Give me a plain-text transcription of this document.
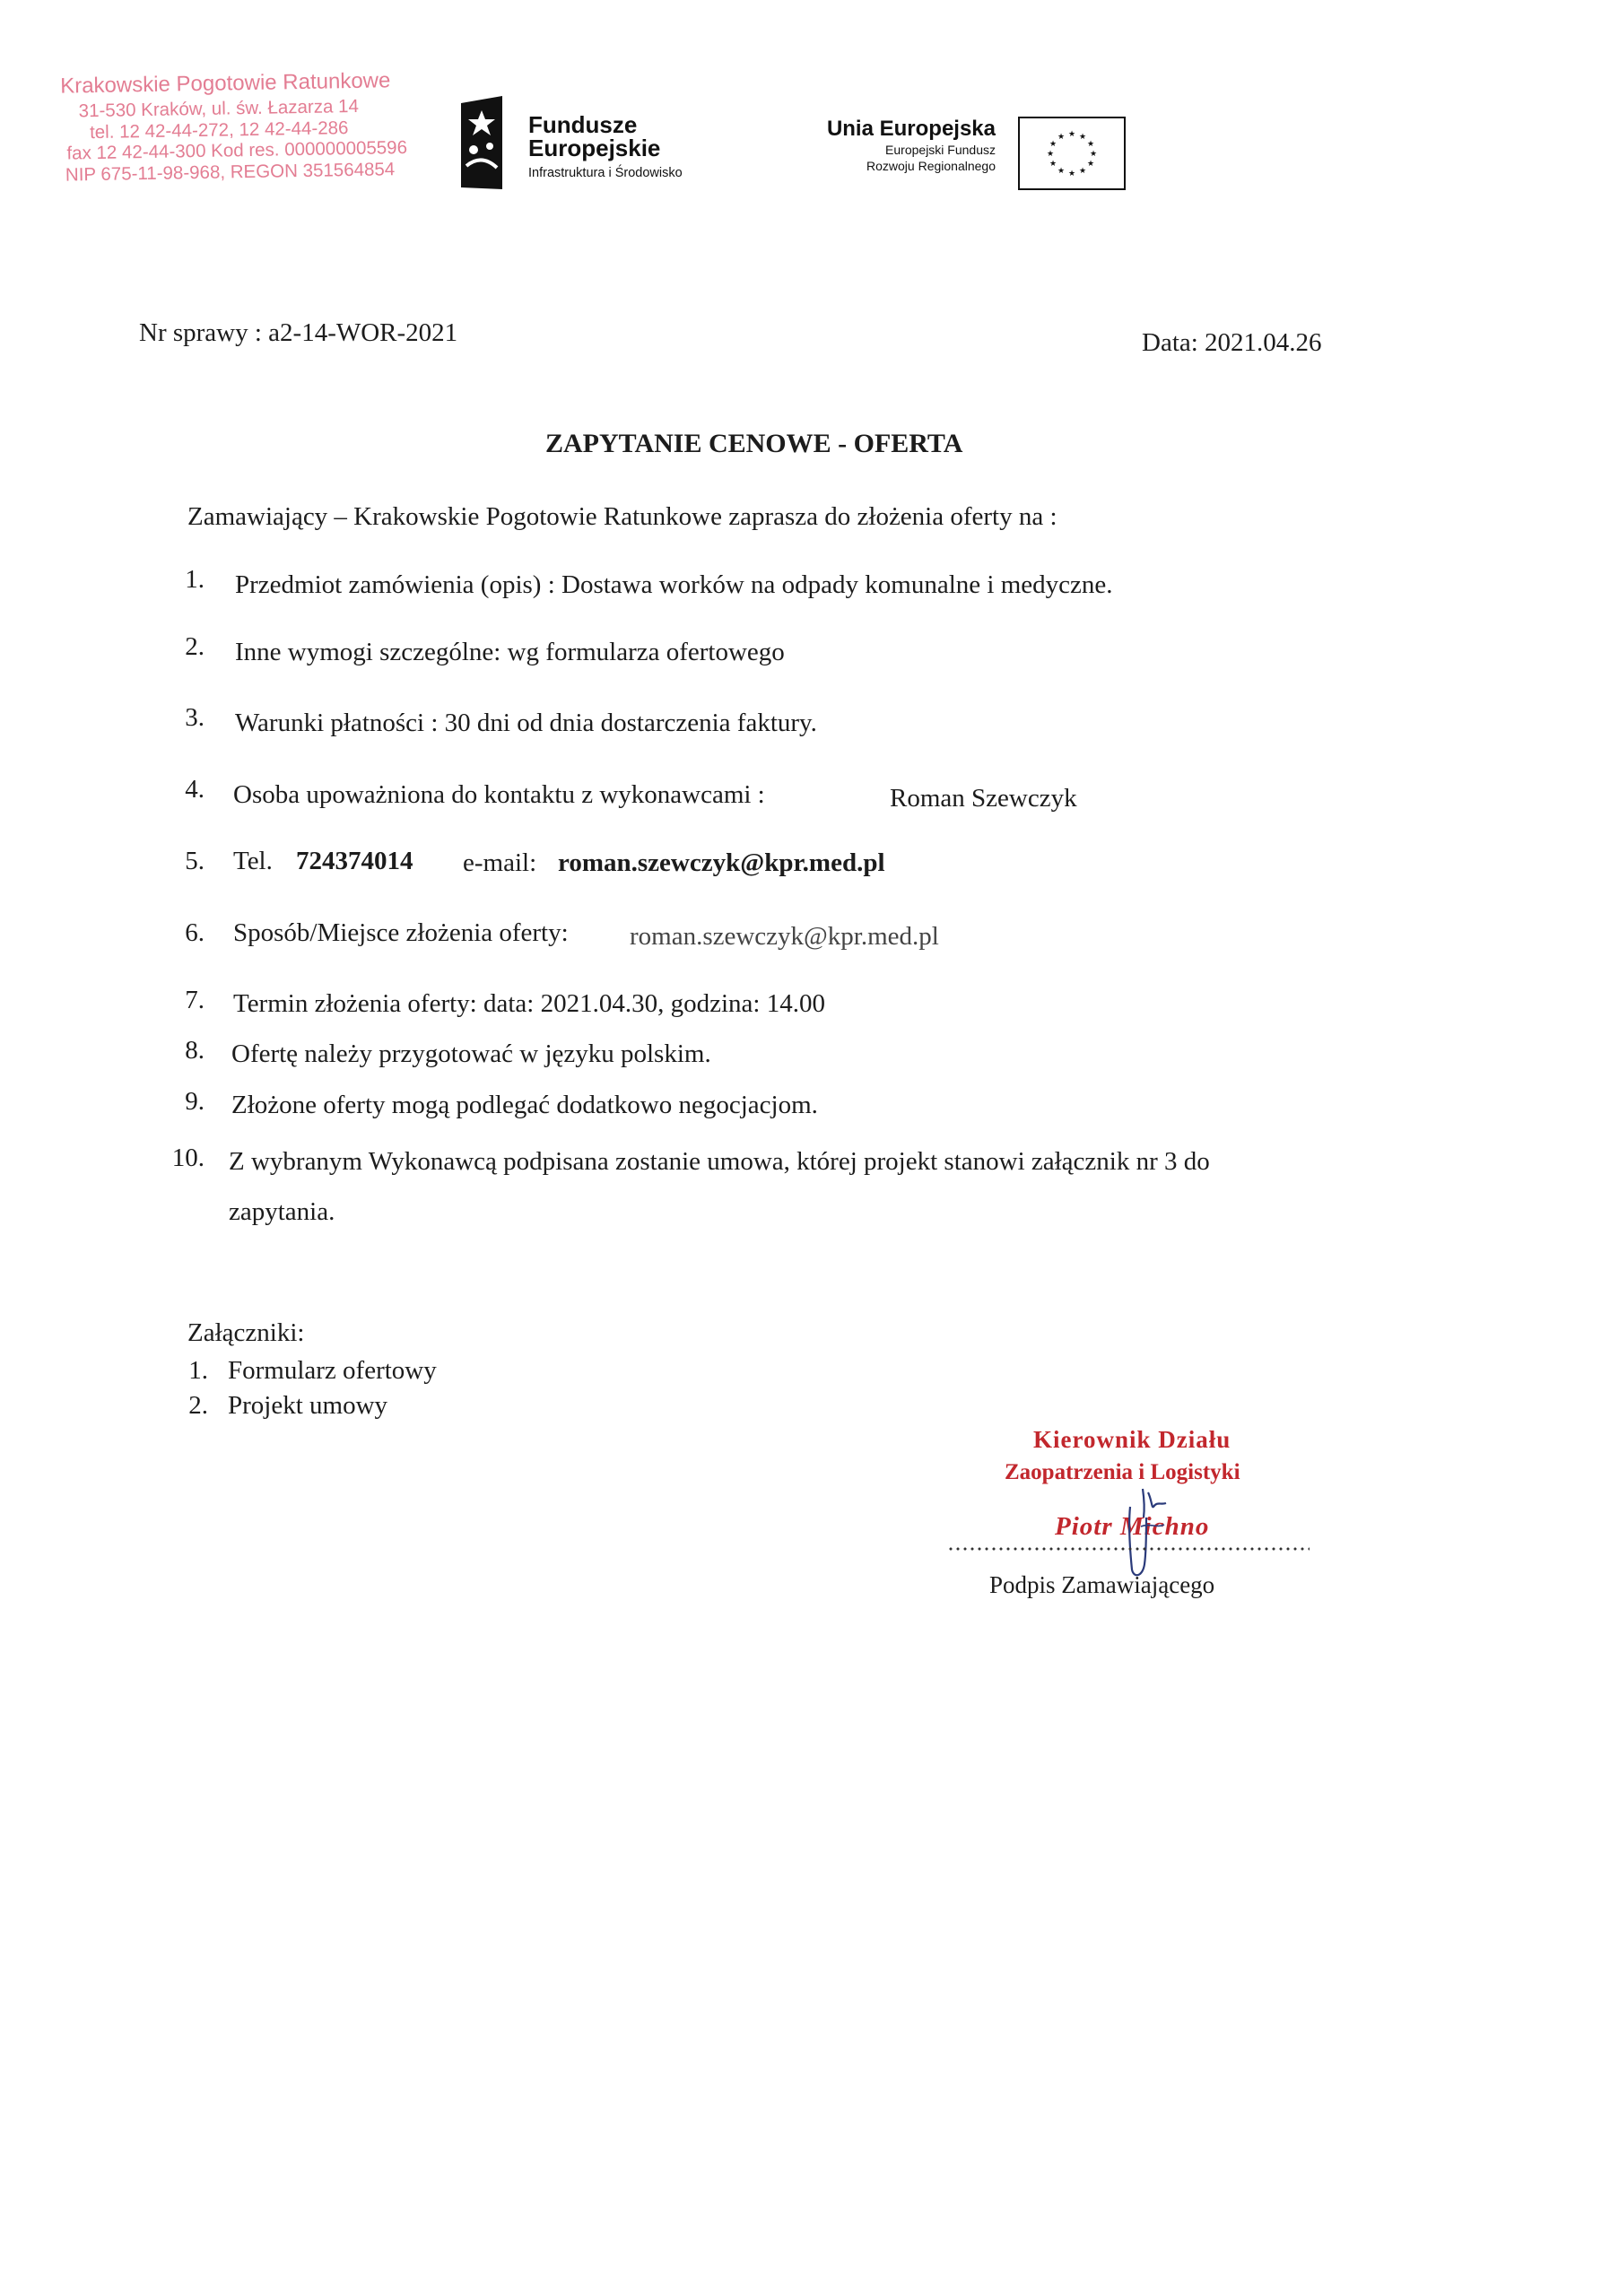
Krakowskie Pogotowie Ratunkowe
31-530 Kraków, ul. św. Łazarza 14
tel. 12 42-44-272, 12 42-44-286
fax 12 42-44-300 Kod res. 000000005596
NIP 675-11-98-968, REGON 351564854
Fundusze
Europejskie
Infrastruktura i Środowisko
Unia Europejska
Europejski Fundusz
Rozwoju Regionalnego
★ ★
★
★
★
★
★
★
★
★
★
★
Nr sprawy : a2-14-WOR-2021	Data: 2021.04.26
ZAPYTANIE CENOWE - OFERTA
Zamawiający – Krakowskie Pogotowie Ratunkowe zaprasza do złożenia oferty na :
1. Przedmiot zamówienia (opis) : Dostawa worków na odpady komunalne i medyczne.
2. Inne wymogi szczególne: wg formularza ofertowego
3. Warunki płatności : 30 dni od dnia dostarczenia faktury.
4. Osoba upoważniona do kontaktu z wykonawcami :	Roman Szewczyk
5. Tel. 724374014 e-mail: roman.szewczyk@kpr.med.pl
6. Sposób/Miejsce złożenia oferty: roman.szewczyk@kpr.med.pl
7. Termin złożenia oferty: data: 2021.04.30, godzina: 14.00
8. Ofertę należy przygotować w języku polskim.
9. Złożone oferty mogą podlegać dodatkowo negocjacjom.
10. Z wybranym Wykonawcą podpisana zostanie umowa, której projekt stanowi załącznik nr 3 do
zapytania.
Załączniki:
1. Formularz ofertowy
2. Projekt umowy
Kierownik Działu
Zaopatrzenia i Logistyki
Piotr Michno
Podpis Zamawiającego
